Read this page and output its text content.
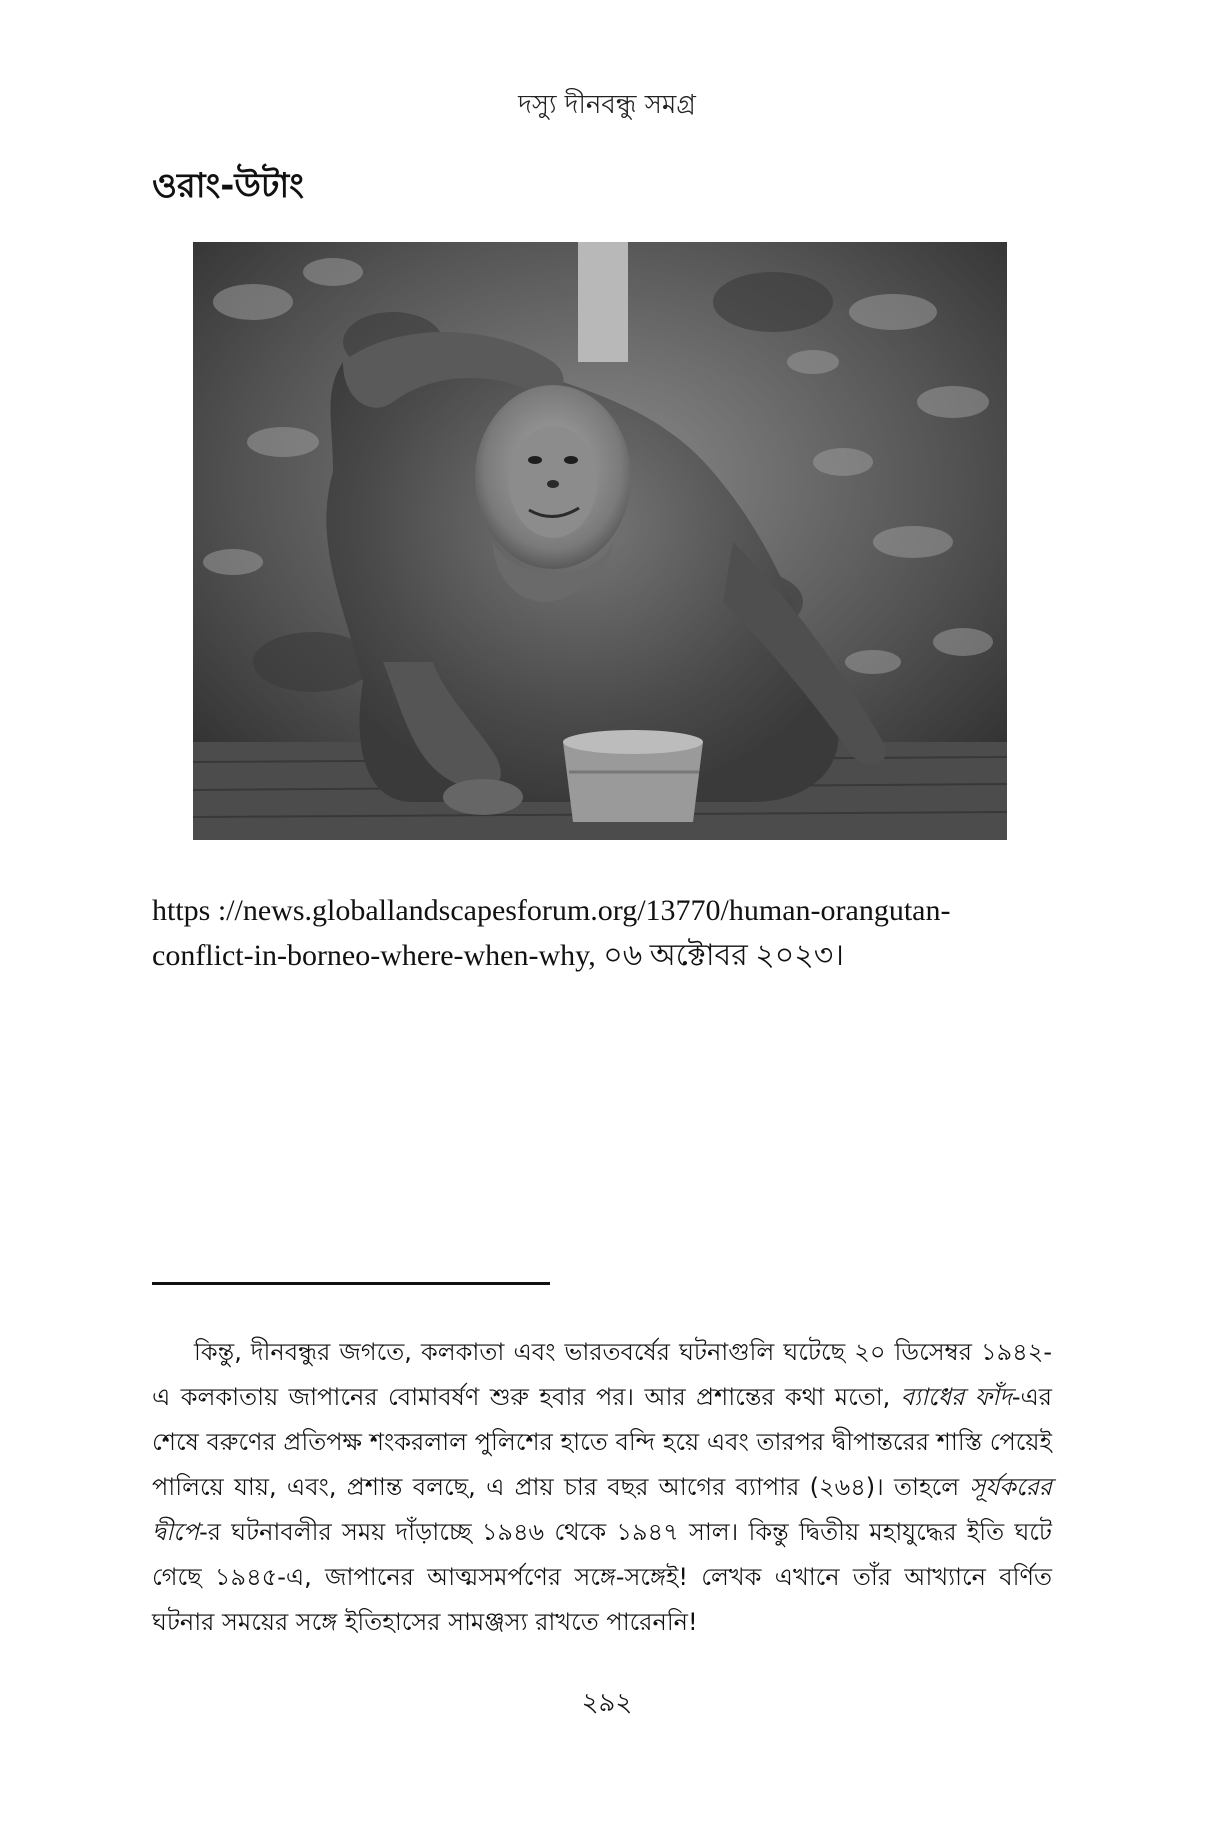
দস্যু দীনবন্ধু সমগ্র
ওরাং-উটাং
https ://news.globallandscapesforum.org/13770/human-orangutan-
conflict-in-borneo-where-when-why, ০৬ অক্টোবর ২০২৩।

কিন্তু, দীনবন্ধুর জগতে, কলকাতা এবং ভারতবর্ষের ঘটনাগুলি ঘটেছে ২০ ডিসেম্বর ১৯৪২-এ কলকাতায় জাপানের বোমাবর্ষণ শুরু হবার পর। আর প্রশান্তের কথা মতো, ব্যাধের ফাঁদ-এর শেষে বরুণের প্রতিপক্ষ শংকরলাল পুলিশের হাতে বন্দি হয়ে এবং তারপর দ্বীপান্তরের শাস্তি পেয়েই পালিয়ে যায়, এবং, প্রশান্ত বলছে, এ প্রায় চার বছর আগের ব্যাপার (২৬৪)। তাহলে সূর্যকরের দ্বীপে-র ঘটনাবলীর সময় দাঁড়াচ্ছে ১৯৪৬ থেকে ১৯৪৭ সাল। কিন্তু দ্বিতীয় মহাযুদ্ধের ইতি ঘটে গেছে ১৯৪৫-এ, জাপানের আত্মসমর্পণের সঙ্গে-সঙ্গেই! লেখক এখানে তাঁর আখ্যানে বর্ণিত ঘটনার সময়ের সঙ্গে ইতিহাসের সামঞ্জস্য রাখতে পারেননি!

২৯২
